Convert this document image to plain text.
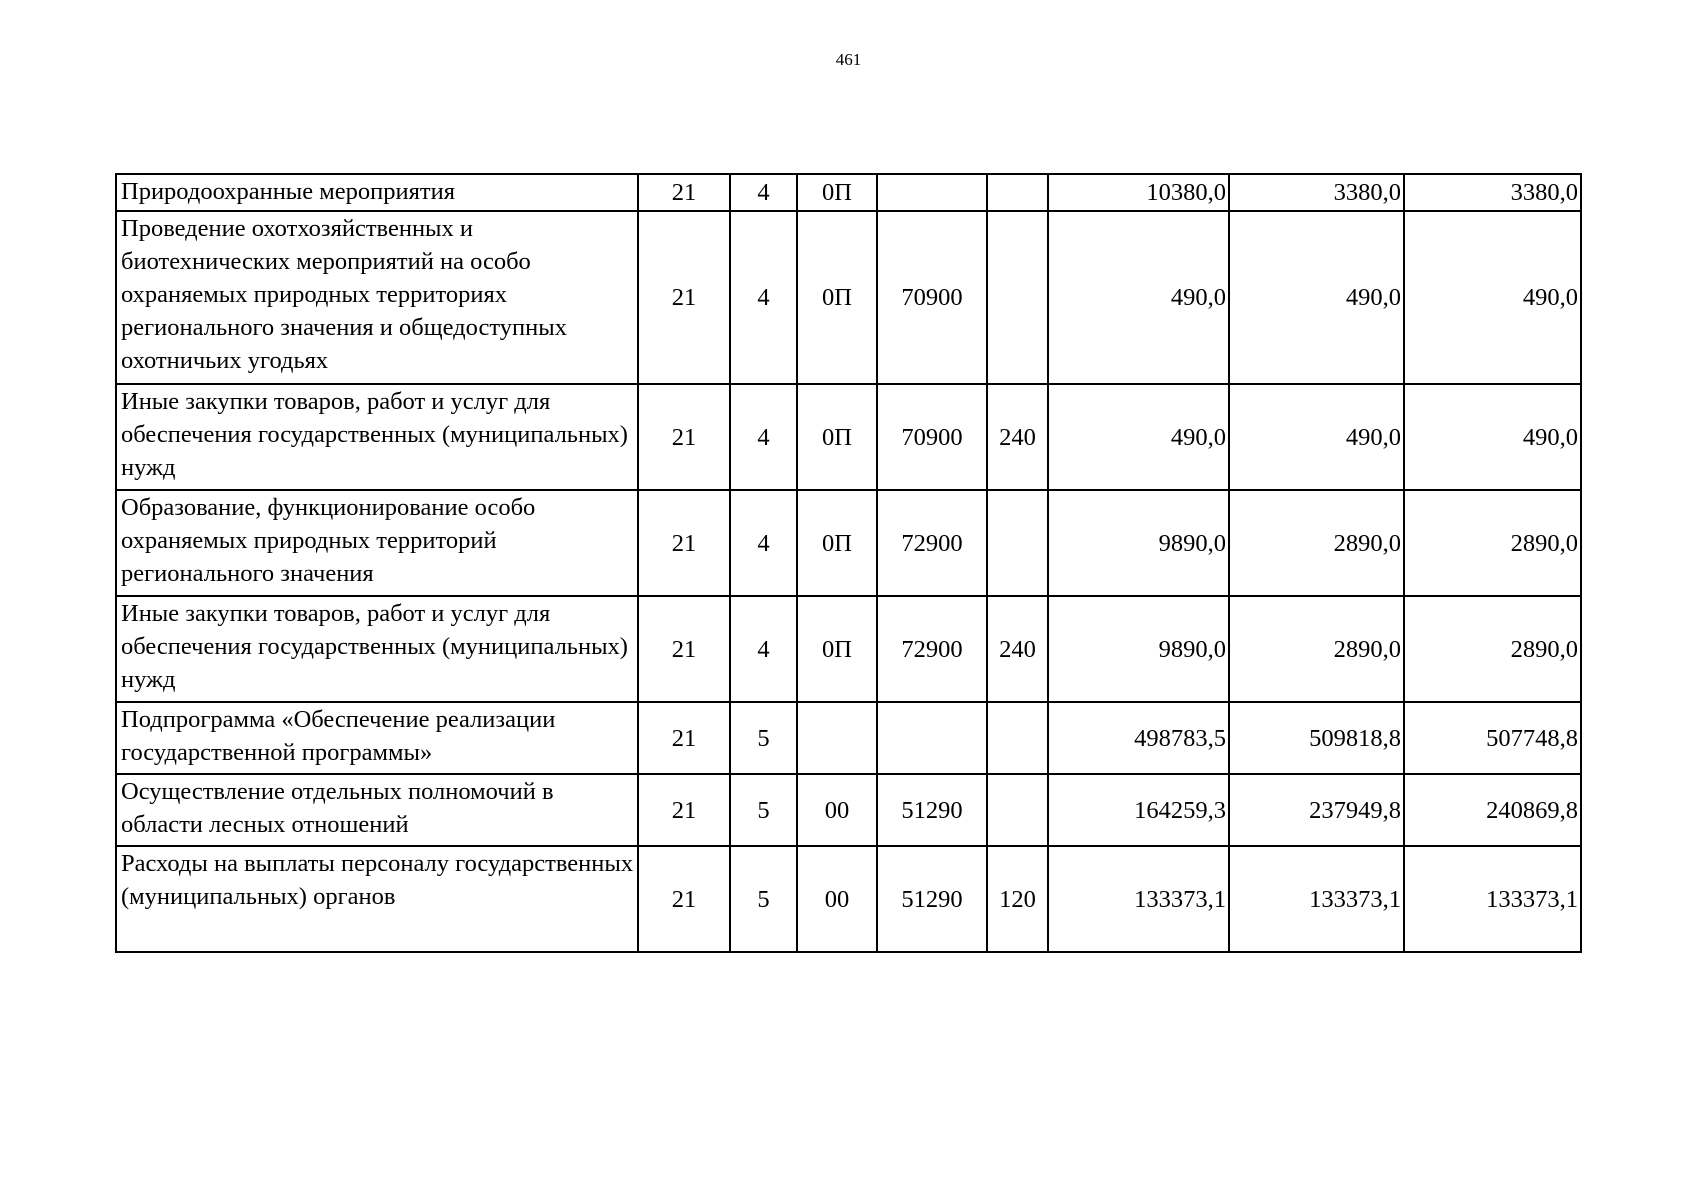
461
Природоохранные мероприятия	21	4	0П			10380,0	3380,0	3380,0
Проведение охотхозяйственных и биотехнических мероприятий на особо охраняемых природных территориях регионального значения и общедоступных охотничьих угодьях	21	4	0П	70900		490,0	490,0	490,0
Иные закупки товаров, работ и услуг для обеспечения государственных (муниципальных) нужд	21	4	0П	70900	240	490,0	490,0	490,0
Образование, функционирование особо охраняемых природных территорий регионального значения	21	4	0П	72900		9890,0	2890,0	2890,0
Иные закупки товаров, работ и услуг для обеспечения государственных (муниципальных) нужд	21	4	0П	72900	240	9890,0	2890,0	2890,0
Подпрограмма «Обеспечение реализации государственной программы»	21	5				498783,5	509818,8	507748,8
Осуществление отдельных полномочий в области лесных отношений	21	5	00	51290		164259,3	237949,8	240869,8
Расходы на выплаты персоналу государственных (муниципальных) органов	21	5	00	51290	120	133373,1	133373,1	133373,1
